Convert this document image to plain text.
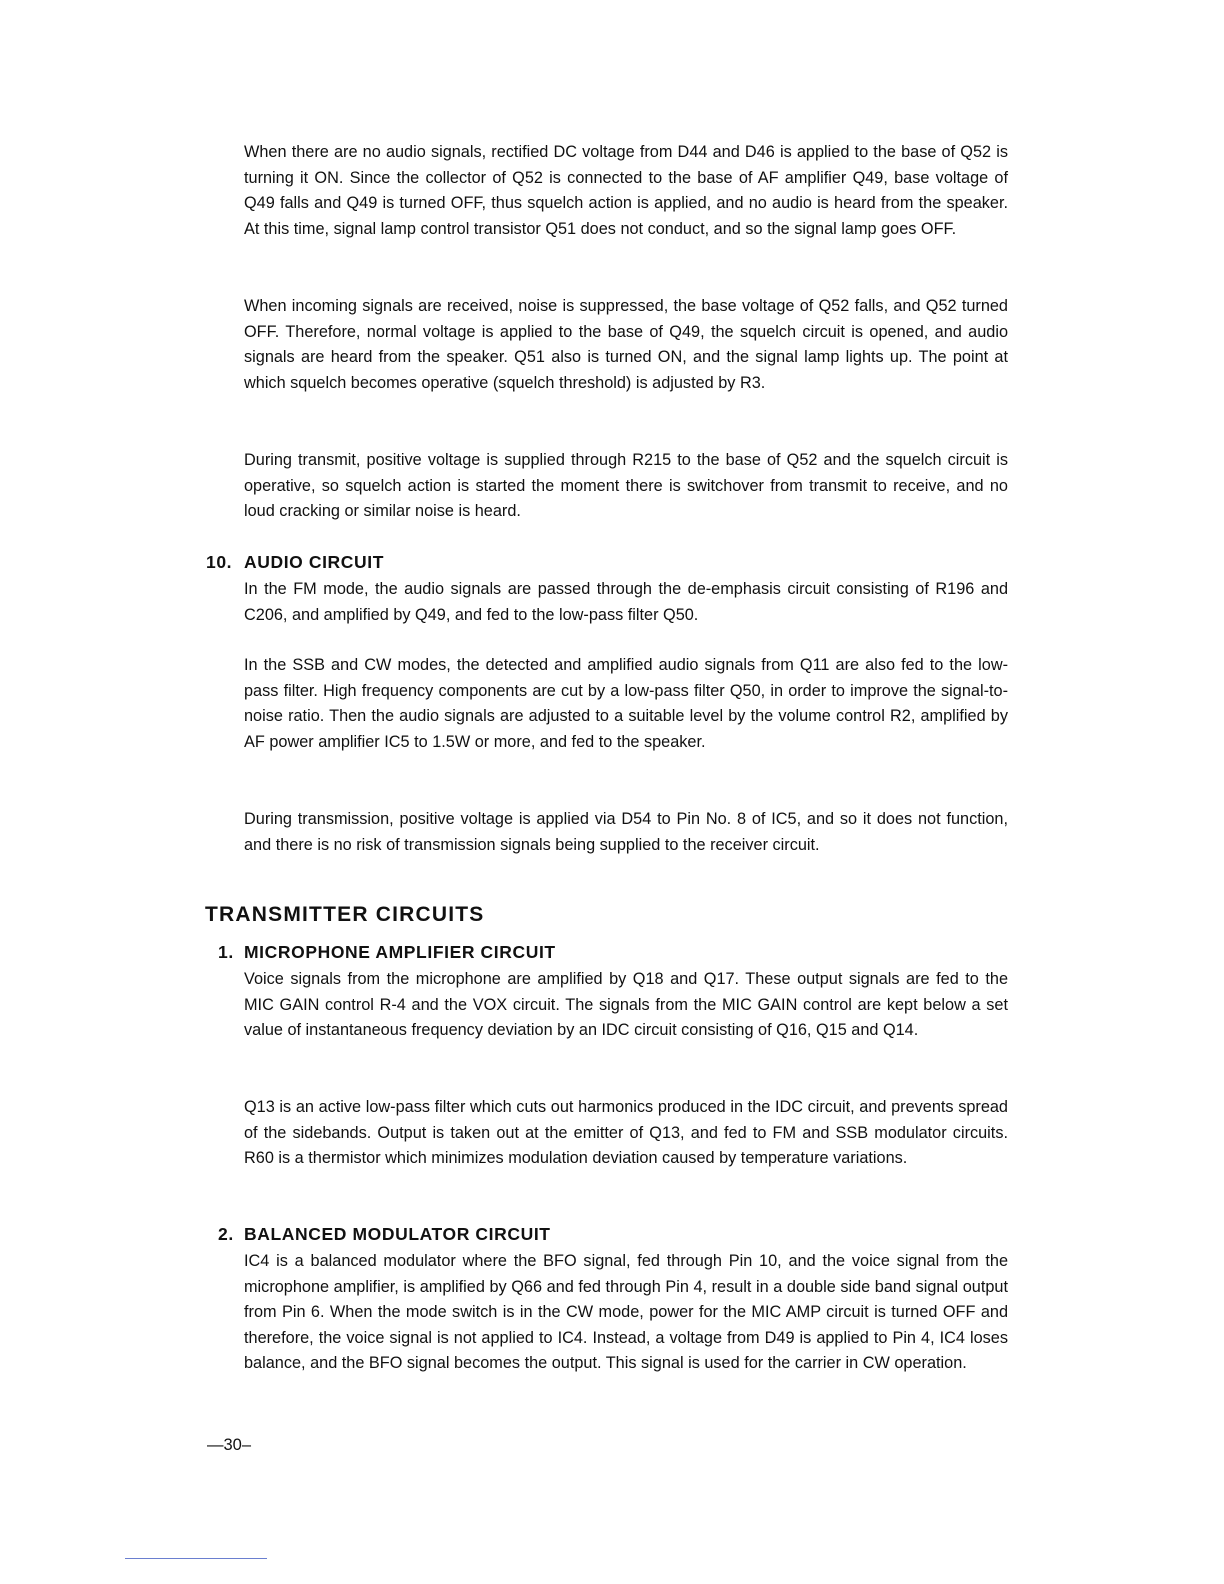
When there are no audio signals, rectified DC voltage from D44 and D46 is applied to the base of Q52 is turning it ON. Since the collector of Q52 is connected to the base of AF amplifier Q49, base voltage of Q49 falls and Q49 is turned OFF, thus squelch action is applied, and no audio is heard from the speaker. At this time, signal lamp control transistor Q51 does not conduct, and so the signal lamp goes OFF.

When incoming signals are received, noise is suppressed, the base voltage of Q52 falls, and Q52 turned OFF. Therefore, normal voltage is applied to the base of Q49, the squelch circuit is opened, and audio signals are heard from the speaker. Q51 also is turned ON, and the signal lamp lights up. The point at which squelch becomes operative (squelch threshold) is adjusted by R3.

During transmit, positive voltage is supplied through R215 to the base of Q52 and the squelch circuit is operative, so squelch action is started the moment there is switchover from transmit to receive, and no loud cracking or similar noise is heard.

10. AUDIO CIRCUIT

In the FM mode, the audio signals are passed through the de-emphasis circuit consisting of R196 and C206, and amplified by Q49, and fed to the low-pass filter Q50.

In the SSB and CW modes, the detected and amplified audio signals from Q11 are also fed to the low-pass filter. High frequency components are cut by a low-pass filter Q50, in order to improve the signal-to-noise ratio. Then the audio signals are adjusted to a suitable level by the volume control R2, amplified by AF power amplifier IC5 to 1.5W or more, and fed to the speaker.

During transmission, positive voltage is applied via D54 to Pin No. 8 of IC5, and so it does not function, and there is no risk of transmission signals being supplied to the receiver circuit.

TRANSMITTER CIRCUITS
1. MICROPHONE AMPLIFIER CIRCUIT

Voice signals from the microphone are amplified by Q18 and Q17. These output signals are fed to the MIC GAIN control R-4 and the VOX circuit. The signals from the MIC GAIN control are kept below a set value of instantaneous frequency deviation by an IDC circuit consisting of Q16, Q15 and Q14.

Q13 is an active low-pass filter which cuts out harmonics produced in the IDC circuit, and prevents spread of the sidebands. Output is taken out at the emitter of Q13, and fed to FM and SSB modulator circuits. R60 is a thermistor which minimizes modulation deviation caused by temperature variations.

2. BALANCED MODULATOR CIRCUIT

IC4 is a balanced modulator where the BFO signal, fed through Pin 10, and the voice signal from the microphone amplifier, is amplified by Q66 and fed through Pin 4, result in a double side band signal output from Pin 6. When the mode switch is in the CW mode, power for the MIC AMP circuit is turned OFF and therefore, the voice signal is not applied to IC4. Instead, a voltage from D49 is applied to Pin 4, IC4 loses balance, and the BFO signal becomes the output. This signal is used for the carrier in CW operation.

—30–
